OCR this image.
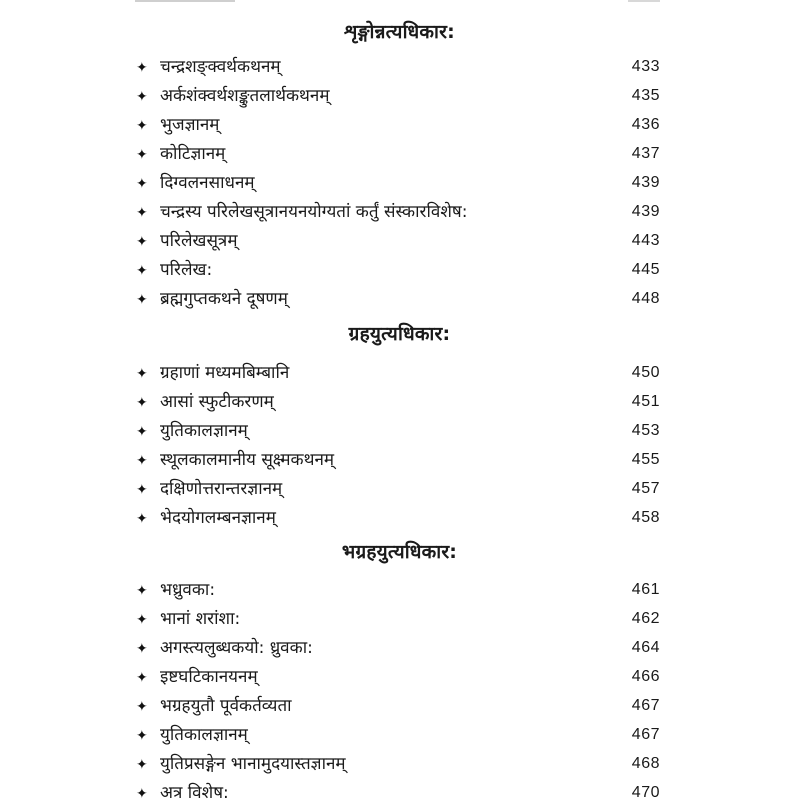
शृङ्गोन्नत्यधिकार:
✦ चन्द्रशङ्क्वर्थकथनम्	433
✦ अर्कशंक्वर्थशङ्कुतलार्थकथनम्	435
✦ भुजज्ञानम्	436
✦ कोटिज्ञानम्	437
✦ दिग्वलनसाधनम्	439
✦ चन्द्रस्य परिलेखसूत्रानयनयोग्यतां कर्तुं संस्कारविशेष:	439
✦ परिलेखसूत्रम्	443
✦ परिलेख:	445
✦ ब्रह्मगुप्तकथने दूषणम्	448
ग्रहयुत्यधिकार:
✦ ग्रहाणां मध्यमबिम्बानि	450
✦ आसां स्फुटीकरणम्	451
✦ युतिकालज्ञानम्	453
✦ स्थूलकालमानीय सूक्ष्मकथनम्	455
✦ दक्षिणोत्तरान्तरज्ञानम्	457
✦ भेदयोगलम्बनज्ञानम्	458
भग्रहयुत्यधिकार:
✦ भध्रुवका:	461
✦ भानां शरांशा:	462
✦ अगस्त्यलुब्धकयो: ध्रुवका:	464
✦ इष्टघटिकानयनम्	466
✦ भग्रहयुतौ पूर्वकर्तव्यता	467
✦ युतिकालज्ञानम्	467
✦ युतिप्रसङ्गेन भानामुदयास्तज्ञानम्	468
✦ अत्र विशेष:	470
